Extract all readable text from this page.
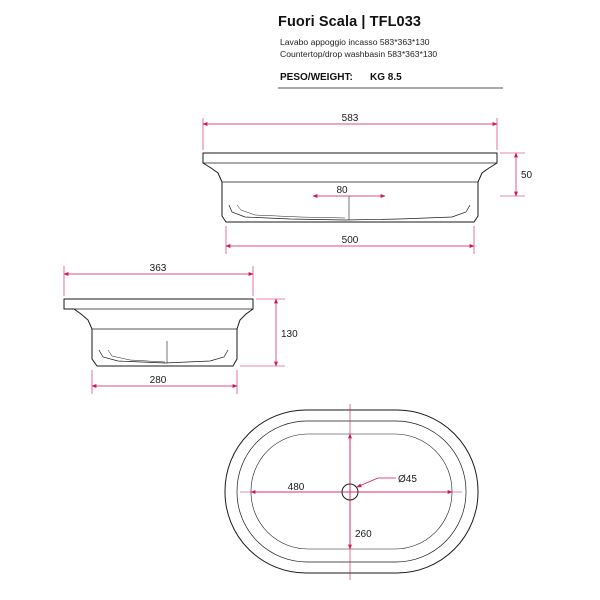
Fuori Scala | TFL033
Lavabo appoggio incasso 583*363*130
Countertop/drop washbasin 583*363*130
PESO/WEIGHT: KG 8.5
583
500
80
50
363
280
130
480
260
Ø45
